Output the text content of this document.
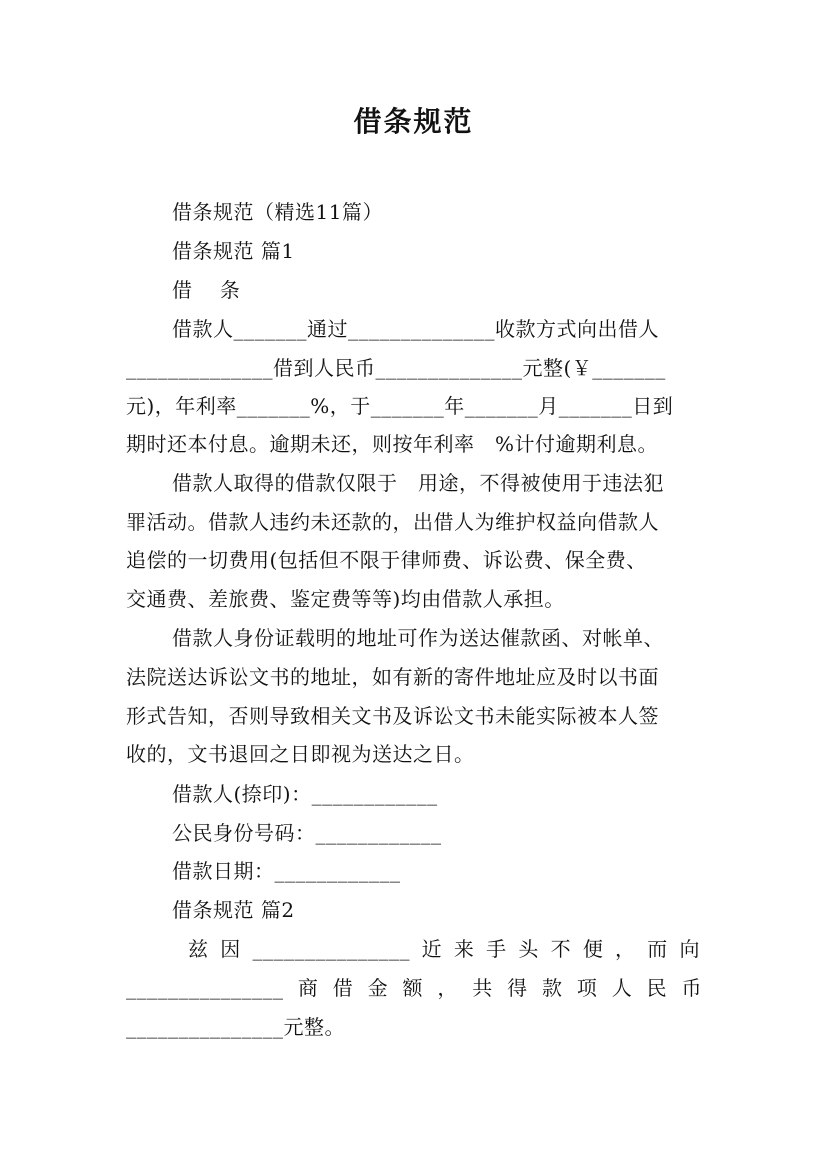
借条规范
借条规范（精选11篇）
借条规范 篇1
借　 条
借款人_______通过______________收款方式向出借人
______________借到人民币______________元整(￥_______
元)，年利率_______%，于_______年_______月_______日到
期时还本付息。逾期未还，则按年利率　%计付逾期利息。
借款人取得的借款仅限于　用途，不得被使用于违法犯
罪活动。借款人违约未还款的，出借人为维护权益向借款人
追偿的一切费用(包括但不限于律师费、诉讼费、保全费、
交通费、差旅费、鉴定费等等)均由借款人承担。
借款人身份证载明的地址可作为送达催款函、对帐单、
法院送达诉讼文书的地址，如有新的寄件地址应及时以书面
形式告知，否则导致相关文书及诉讼文书未能实际被本人签
收的，文书退回之日即视为送达之日。
借款人(捺印)：____________
公民身份号码：____________
借款日期：____________
借条规范 篇2
兹因_______________近来手头不便，而向
_______________商借金额，共得款项人民币
_______________元整。
